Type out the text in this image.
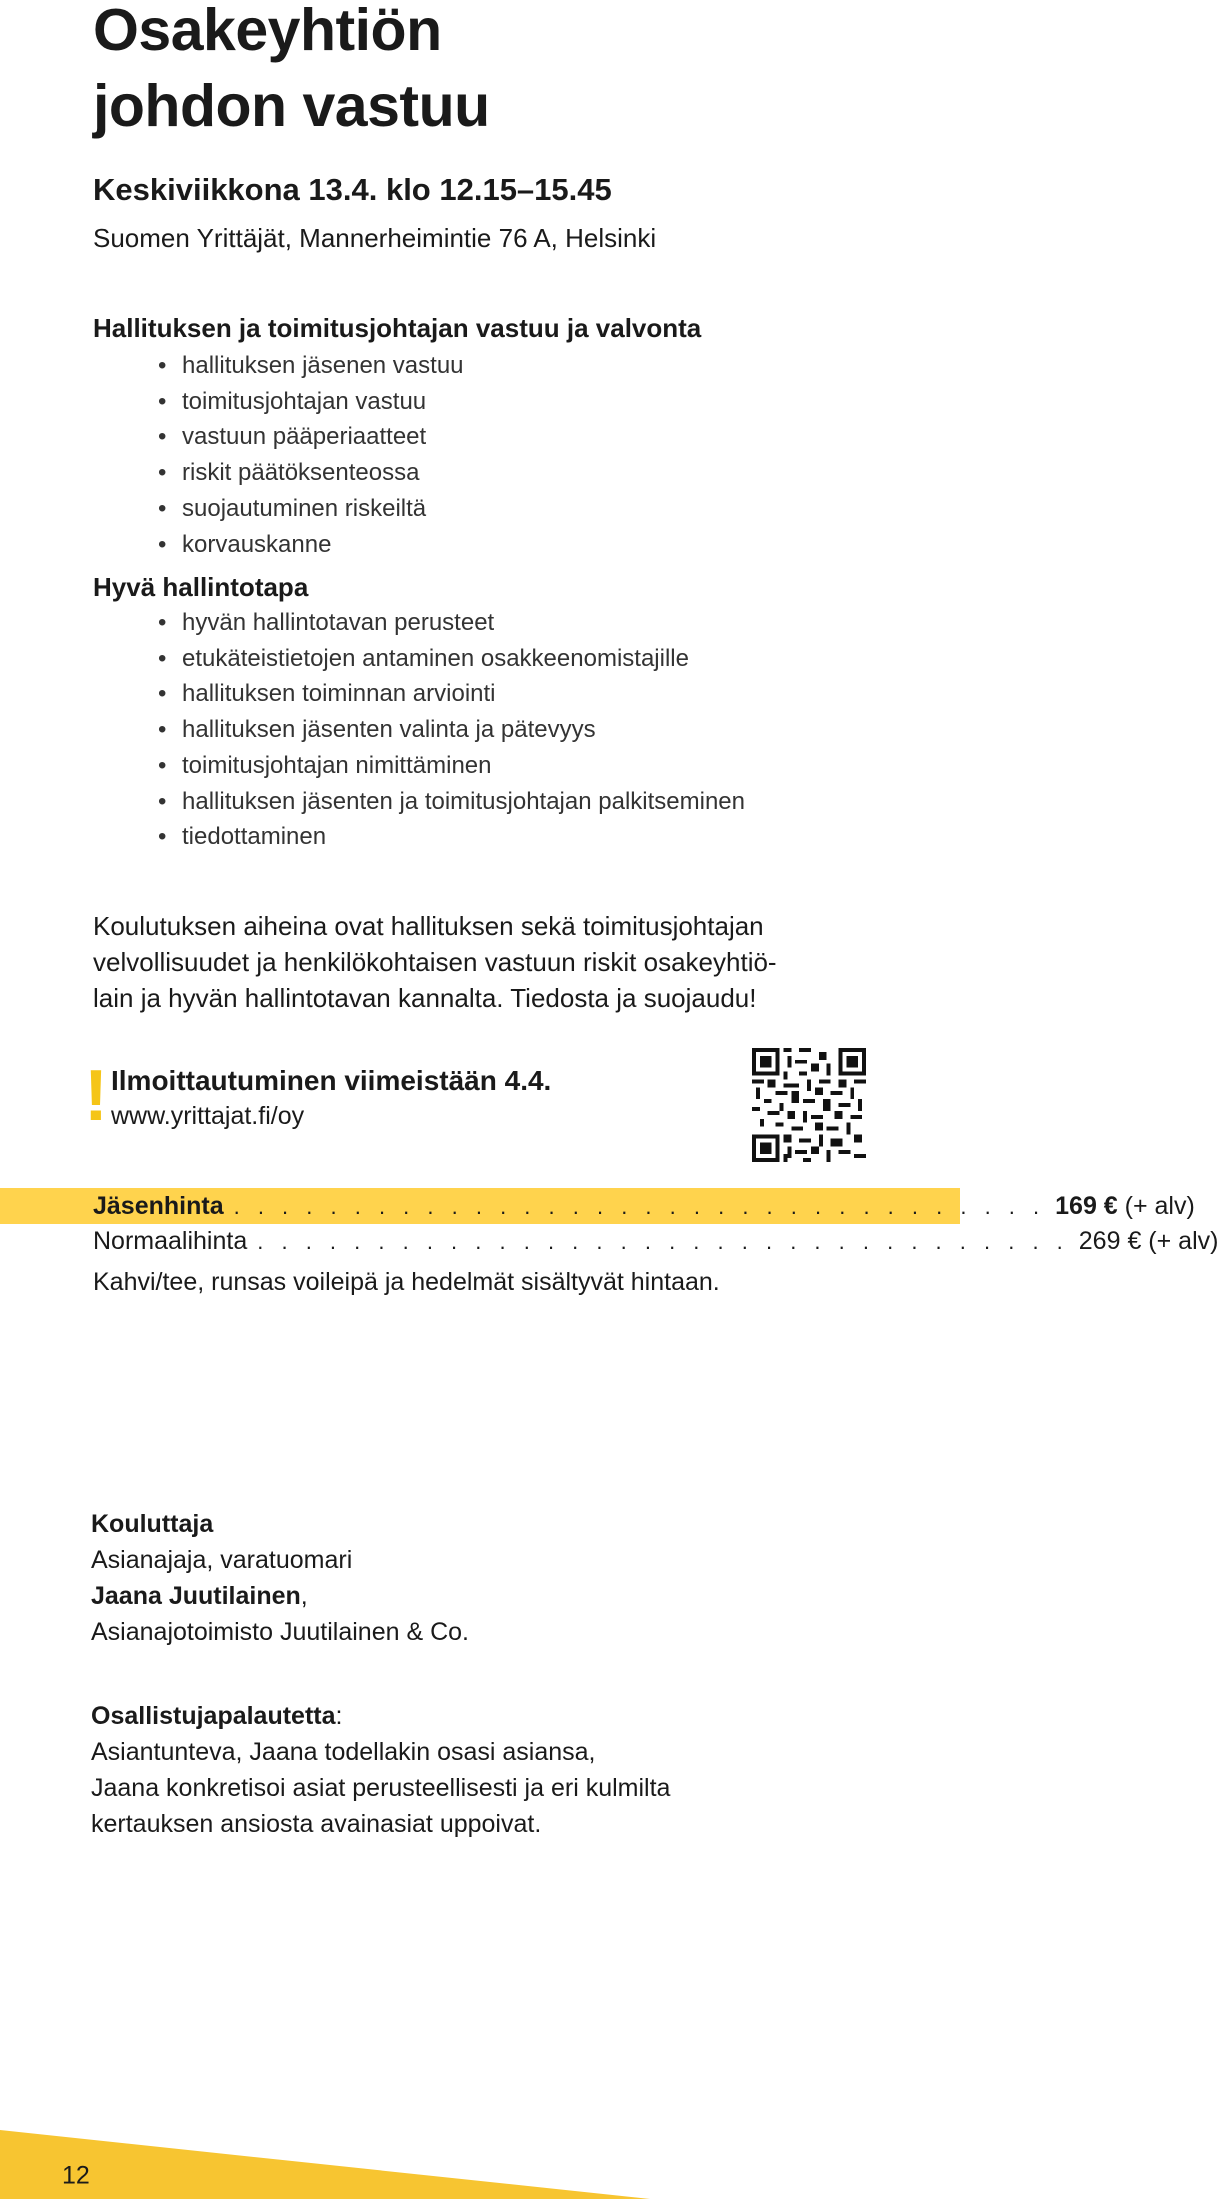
Osakeyhtiön
johdon vastuu
Keskiviikkona 13.4. klo 12.15–15.45
Suomen Yrittäjät, Mannerheimintie 76 A, Helsinki
Hallituksen ja toimitusjohtajan vastuu ja valvonta
• hallituksen jäsenen vastuu
• toimitusjohtajan vastuu
• vastuun pääperiaatteet
• riskit päätöksenteossa
• suojautuminen riskeiltä
• korvauskanne
Hyvä hallintotapa
• hyvän hallintotavan perusteet
• etukäteistietojen antaminen osakkeenomistajille
• hallituksen toiminnan arviointi
• hallituksen jäsenten valinta ja pätevyys
• toimitusjohtajan nimittäminen
• hallituksen jäsenten ja toimitusjohtajan palkitseminen
• tiedottaminen
Koulutuksen aiheina ovat hallituksen sekä toimitusjohtajan
velvollisuudet ja henkilökohtaisen vastuun riskit osakeyhtiö-
lain ja hyvän hallintotavan kannalta. Tiedosta ja suojaudu!
! Ilmoittautuminen viimeistään 4.4.
www.yrittajat.fi/oy
Jäsenhinta . . . . . . . . . . . . . . . . . . . . . . . . . . . . . . . . . . 169 € (+ alv)
Normaalihinta . . . . . . . . . . . . . . . . . . . . . . . . . . . . . . . . . . 269 € (+ alv)
Kahvi/tee, runsas voileipä ja hedelmät sisältyvät hintaan.
Kouluttaja
Asianajaja, varatuomari
Jaana Juutilainen,
Asianajotoimisto Juutilainen & Co.
Osallistujapalautetta:
Asiantunteva, Jaana todellakin osasi asiansa,
Jaana konkretisoi asiat perusteellisesti ja eri kulmilta
kertauksen ansiosta avainasiat uppoivat.
12
